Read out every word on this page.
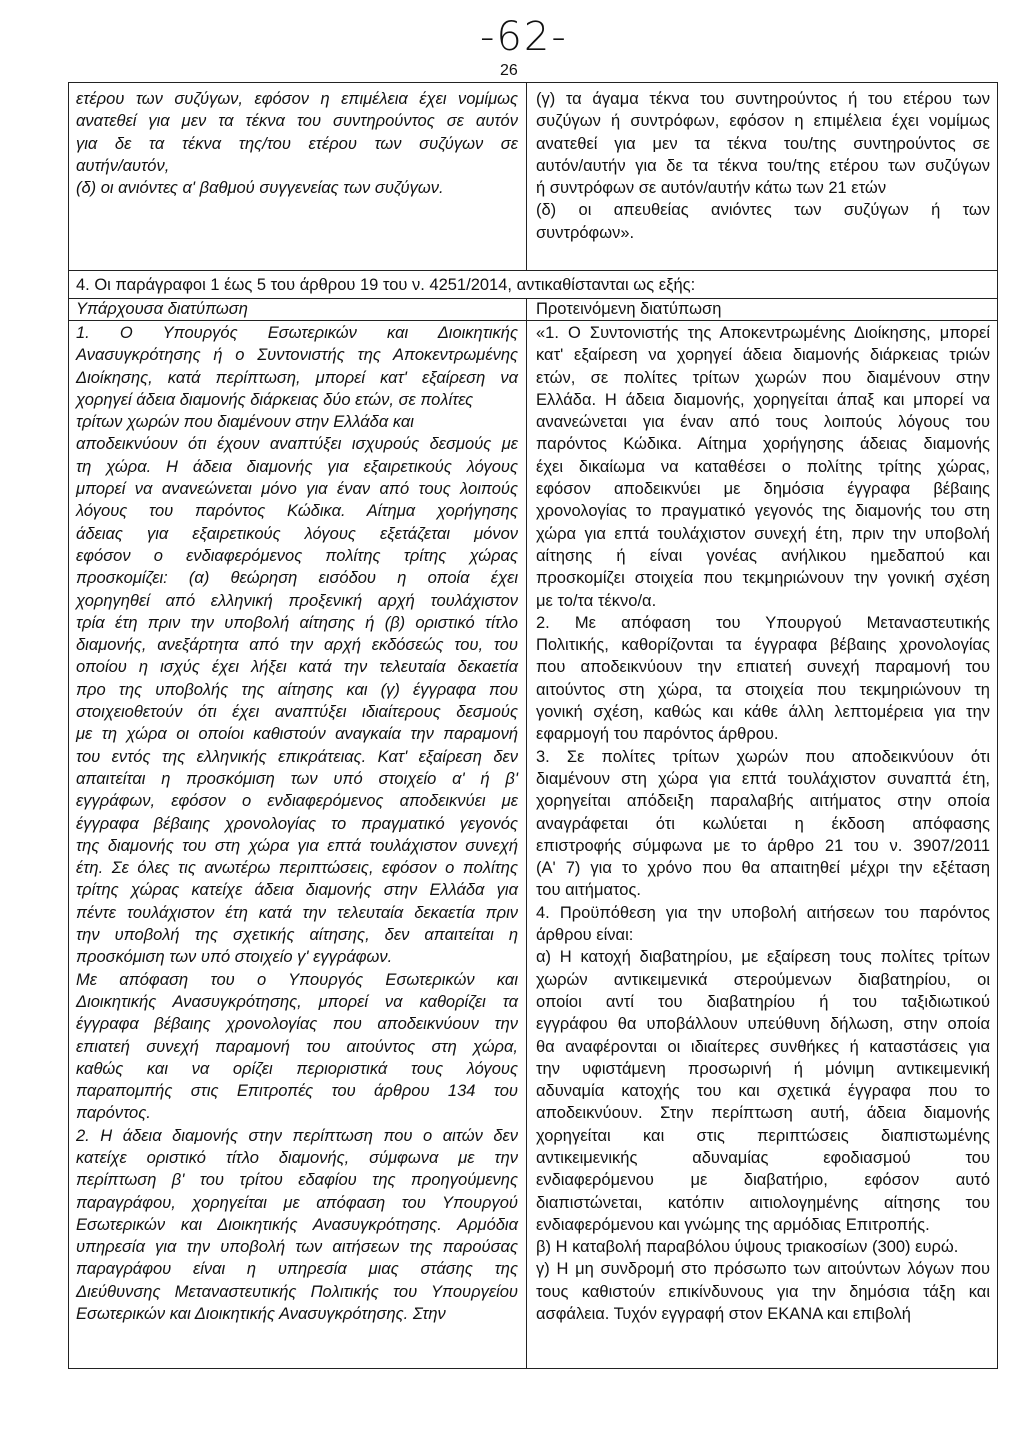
-62-
26
ετέρου των συζύγων, εφόσον η επιμέλεια έχει νομίμως
ανατεθεί για μεν τα τέκνα του συντηρούντος σε αυτόν
για δε τα τέκνα της/του ετέρου των συζύγων σε
αυτήν/αυτόν,
(δ) οι ανιόντες α' βαθμού συγγενείας των συζύγων.
(γ) τα άγαμα τέκνα του συντηρούντος ή του ετέρου των
συζύγων ή συντρόφων, εφόσον η επιμέλεια έχει νομίμως
ανατεθεί για μεν τα τέκνα του/της συντηρούντος σε
αυτόν/αυτήν για δε τα τέκνα του/της ετέρου των συζύγων
ή συντρόφων σε αυτόν/αυτήν κάτω των 21 ετών
(δ) οι απευθείας ανιόντες των συζύγων ή των
συντρόφων».
4. Οι παράγραφοι 1 έως 5 του άρθρου 19 του ν. 4251/2014, αντικαθίστανται ως εξής:
Υπάρχουσα διατύπωση	Προτεινόμενη διατύπωση
1. Ο Υπουργός Εσωτερικών και Διοικητικής
Ανασυγκρότησης ή ο Συντονιστής της Αποκεντρωμένης
Διοίκησης, κατά περίπτωση, μπορεί κατ' εξαίρεση να
χορηγεί άδεια διαμονής διάρκειας δύο ετών, σε πολίτες
τρίτων χωρών που διαμένουν στην Ελλάδα και
αποδεικνύουν ότι έχουν αναπτύξει ισχυρούς δεσμούς με
τη χώρα. Η άδεια διαμονής για εξαιρετικούς λόγους
μπορεί να ανανεώνεται μόνο για έναν από τους λοιπούς
λόγους του παρόντος Κώδικα. Αίτημα χορήγησης
άδειας για εξαιρετικούς λόγους εξετάζεται μόνον
εφόσον ο ενδιαφερόμενος πολίτης τρίτης χώρας
προσκομίζει: (α) θεώρηση εισόδου η οποία έχει
χορηγηθεί από ελληνική προξενική αρχή τουλάχιστον
τρία έτη πριν την υποβολή αίτησης ή (β) οριστικό τίτλο
διαμονής, ανεξάρτητα από την αρχή εκδόσεώς του, του
οποίου η ισχύς έχει λήξει κατά την τελευταία δεκαετία
προ της υποβολής της αίτησης και (γ) έγγραφα που
στοιχειοθετούν ότι έχει αναπτύξει ιδιαίτερους δεσμούς
με τη χώρα οι οποίοι καθιστούν αναγκαία την παραμονή
του εντός της ελληνικής επικράτειας. Κατ' εξαίρεση δεν
απαιτείται η προσκόμιση των υπό στοιχείο α' ή β'
εγγράφων, εφόσον ο ενδιαφερόμενος αποδεικνύει με
έγγραφα βέβαιης χρονολογίας το πραγματικό γεγονός
της διαμονής του στη χώρα για επτά τουλάχιστον συνεχή
έτη. Σε όλες τις ανωτέρω περιπτώσεις, εφόσον ο πολίτης
τρίτης χώρας κατείχε άδεια διαμονής στην Ελλάδα για
πέντε τουλάχιστον έτη κατά την τελευταία δεκαετία πριν
την υποβολή της σχετικής αίτησης, δεν απαιτείται η
προσκόμιση των υπό στοιχείο γ' εγγράφων.
Με απόφαση του ο Υπουργός Εσωτερικών και
Διοικητικής Ανασυγκρότησης, μπορεί να καθορίζει τα
έγγραφα βέβαιης χρονολογίας που αποδεικνύουν την
επιατεή συνεχή παραμονή του αιτούντος στη χώρα,
καθώς και να ορίζει περιοριστικά τους λόγους
παραπομπής στις Επιτροπές του άρθρου 134 του
παρόντος.
2. Η άδεια διαμονής στην περίπτωση που ο αιτών δεν
κατείχε οριστικό τίτλο διαμονής, σύμφωνα με την
περίπτωση β' του τρίτου εδαφίου της προηγούμενης
παραγράφου, χορηγείται με απόφαση του Υπουργού
Εσωτερικών και Διοικητικής Ανασυγκρότησης. Αρμόδια
υπηρεσία για την υποβολή των αιτήσεων της παρούσας
παραγράφου είναι η υπηρεσία μιας στάσης της
Διεύθυνσης Μεταναστευτικής Πολιτικής του Υπουργείου
Εσωτερικών και Διοικητικής Ανασυγκρότησης. Στην
«1. Ο Συντονιστής της Αποκεντρωμένης Διοίκησης, μπορεί
κατ' εξαίρεση να χορηγεί άδεια διαμονής διάρκειας τριών
ετών, σε πολίτες τρίτων χωρών που διαμένουν στην
Ελλάδα. Η άδεια διαμονής, χορηγείται άπαξ και μπορεί να
ανανεώνεται για έναν από τους λοιπούς λόγους του
παρόντος Κώδικα. Αίτημα χορήγησης άδειας διαμονής
έχει δικαίωμα να καταθέσει ο πολίτης τρίτης χώρας,
εφόσον αποδεικνύει με δημόσια έγγραφα βέβαιης
χρονολογίας το πραγματικό γεγονός της διαμονής του στη
χώρα για επτά τουλάχιστον συνεχή έτη, πριν την υποβολή
αίτησης ή είναι γονέας ανήλικου ημεδαπού και
προσκομίζει στοιχεία που τεκμηριώνουν την γονική σχέση
με το/τα τέκνο/α.
2. Με απόφαση του Υπουργού Μεταναστευτικής
Πολιτικής, καθορίζονται τα έγγραφα βέβαιης χρονολογίας
που αποδεικνύουν την επιατεή συνεχή παραμονή του
αιτούντος στη χώρα, τα στοιχεία που τεκμηριώνουν τη
γονική σχέση, καθώς και κάθε άλλη λεπτομέρεια για την
εφαρμογή του παρόντος άρθρου.
3. Σε πολίτες τρίτων χωρών που αποδεικνύουν ότι
διαμένουν στη χώρα για επτά τουλάχιστον συναπτά έτη,
χορηγείται απόδειξη παραλαβής αιτήματος στην οποία
αναγράφεται ότι κωλύεται η έκδοση απόφασης
επιστροφής σύμφωνα με το άρθρο 21 του ν. 3907/2011
(Α' 7) για το χρόνο που θα απαιτηθεί μέχρι την εξέταση
του αιτήματος.
4. Προϋπόθεση για την υποβολή αιτήσεων του παρόντος
άρθρου είναι:
α) Η κατοχή διαβατηρίου, με εξαίρεση τους πολίτες τρίτων
χωρών αντικειμενικά στερούμενων διαβατηρίου, οι
οποίοι αντί του διαβατηρίου ή του ταξιδιωτικού
εγγράφου θα υποβάλλουν υπεύθυνη δήλωση, στην οποία
θα αναφέρονται οι ιδιαίτερες συνθήκες ή καταστάσεις για
την υφιστάμενη προσωρινή ή μόνιμη αντικειμενική
αδυναμία κατοχής του και σχετικά έγγραφα που το
αποδεικνύουν. Στην περίπτωση αυτή, άδεια διαμονής
χορηγείται και στις περιπτώσεις διαπιστωμένης
αντικειμενικής αδυναμίας εφοδιασμού του
ενδιαφερόμενου με διαβατήριο, εφόσον αυτό
διαπιστώνεται, κατόπιν αιτιολογημένης αίτησης του
ενδιαφερόμενου και γνώμης της αρμόδιας Επιτροπής.
β) Η καταβολή παραβόλου ύψους τριακοσίων (300) ευρώ.
γ) Η μη συνδρομή στο πρόσωπο των αιτούντων λόγων που
τους καθιστούν επικίνδυνους για την δημόσια τάξη και
ασφάλεια. Τυχόν εγγραφή στον ΕΚΑΝΑ και επιβολή
